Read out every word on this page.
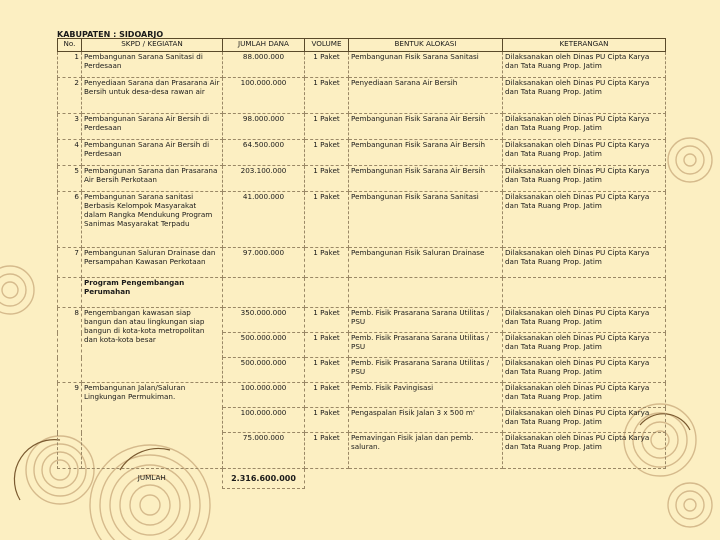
KABUPATEN : SIDOARJO
No.	SKPD / KEGIATAN	JUMLAH DANA	VOLUME	BENTUK ALOKASI	KETERANGAN
1	Pembangunan Sarana Sanitasi di Perdesaan	88.000.000	1 Paket	Pembangunan Fisik Sarana Sanitasi	Dilaksanakan oleh Dinas PU Cipta Karya dan Tata Ruang Prop. Jatim
2	Penyediaan Sarana dan Prasarana Air Bersih untuk desa-desa rawan air	100.000.000	1 Paket	Penyediaan Sarana Air Bersih	Dilaksanakan oleh Dinas PU Cipta Karya dan Tata Ruang Prop. Jatim
3	Pembangunan Sarana Air Bersih di Perdesaan	98.000.000	1 Paket	Pembangunan Fisik Sarana Air Bersih	Dilaksanakan oleh Dinas PU Cipta Karya dan Tata Ruang Prop. Jatim
4	Pembangunan Sarana Air Bersih di Perdesaan	64.500.000	1 Paket	Pembangunan Fisik Sarana Air Bersih	Dilaksanakan oleh Dinas PU Cipta Karya dan Tata Ruang Prop. Jatim
5	Pembangunan Sarana dan Prasarana Air Bersih Perkotaan	203.100.000	1 Paket	Pembangunan Fisik Sarana Air Bersih	Dilaksanakan oleh Dinas PU Cipta Karya dan Tata Ruang Prop. Jatim
6	Pembangunan Sarana sanitasi Berbasis Kelompok Masyarakat dalam Rangka Mendukung Program Sanimas Masyarakat Terpadu	41.000.000	1 Paket	Pembangunan Fisik Sarana Sanitasi	Dilaksanakan oleh Dinas PU Cipta Karya dan Tata Ruang Prop. Jatim
7	Pembangunan Saluran Drainase dan Persampahan Kawasan Perkotaan	97.000.000	1 Paket	Pembangunan Fisik Saluran Drainase	Dilaksanakan oleh Dinas PU Cipta Karya dan Tata Ruang Prop. Jatim
	Program Pengembangan Perumahan				
8	Pengembangan kawasan siap bangun dan atau lingkungan siap bangun di kota-kota metropolitan dan kota-kota besar	350.000.000	1 Paket	Pemb. Fisik Prasarana Sarana Utilitas / PSU	Dilaksanakan oleh Dinas PU Cipta Karya dan Tata Ruang Prop. Jatim
		500.000.000	1 Paket	Pemb. Fisik Prasarana Sarana Utilitas / PSU	Dilaksanakan oleh Dinas PU Cipta Karya dan Tata Ruang Prop. Jatim
		500.000.000	1 Paket	Pemb. Fisik Prasarana Sarana Utilitas / PSU	Dilaksanakan oleh Dinas PU Cipta Karya dan Tata Ruang Prop. Jatim
9	Pembangunan Jalan/Saluran Lingkungan Permukiman.	100.000.000	1 Paket	Pemb. Fisik Pavingisasi	Dilaksanakan oleh Dinas PU Cipta Karya dan Tata Ruang Prop. Jatim
		100.000.000	1 Paket	Pengaspalan Fisik Jalan 3 x 500 m'	Dilaksanakan oleh Dinas PU Cipta Karya dan Tata Ruang Prop. Jatim
		75.000.000	1 Paket	Pemavingan Fisik jalan dan pemb. saluran.	Dilaksanakan oleh Dinas PU Cipta Karya dan Tata Ruang Prop. Jatim
	JUMLAH	2.316.600.000			
